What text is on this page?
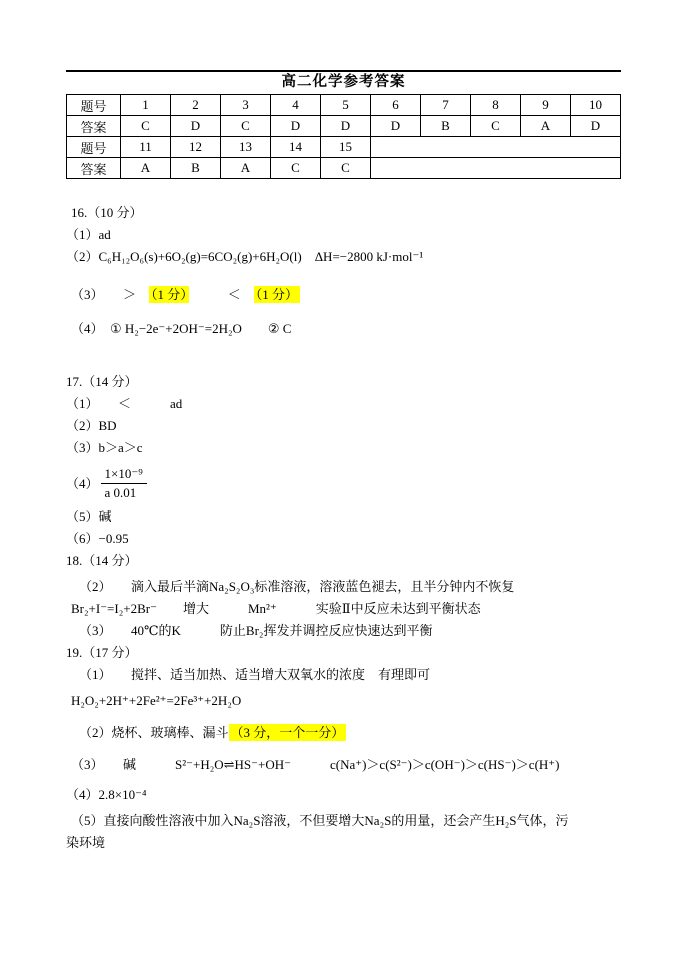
高二化学参考答案
题号	1	2	3	4	5	6	7	8	9	10
答案	C	D	C	D	D	D	B	C	A	D
题号	11	12	13	14	15					
答案	A	B	A	C	C					
16.（10 分）
（1）ad
（2）C₆H₁₂O₆(s)+6O₂(g)=6CO₂(g)+6H₂O(l)　ΔH=−2800 kJ·mol⁻¹
（3）　　＞　（1 分）　　　＜　（1 分）
（4）　① H₂−2e⁻+2OH⁻=2H₂O　　② C
17.（14 分）
（1）　　＜　　　ad
（2）BD
（3）b＞a＞c
$(4) \frac{\text{1×10⁻⁹}}{a 0.01}$
（5）碱
（6）−0.95
18.（14 分）
（2）　　滴入最后半滴Na₂S₂O₃标准溶液，溶液蓝色褪去，且半分钟内不恢复
Br₂+I⁻=I₂+2Br⁻　　增大　　　Mn²⁺　　　实验Ⅱ中反应未达到平衡状态
（3）　　40℃的K　　　防止Br₂挥发并调控反应快速达到平衡
19.（17 分）
（1）　　搅拌、适当加热、适当增大双氧水的浓度　有理即可
H₂O₂+2H⁺+2Fe²⁺=2Fe³⁺+2H₂O
（2）烧杯、玻璃棒、漏斗 （3 分，一个一分）
（3）　　碱　　　S²⁻+H₂O⇌HS⁻+OH⁻　　　c(Na⁺)＞c(S²⁻)＞c(OH⁻)＞c(HS⁻)＞c(H⁺)
（4）2.8×10⁻⁴
（5）直接向酸性溶液中加入Na₂S溶液，不但要增大Na₂S的用量，还会产生H₂S气体，污
染环境
